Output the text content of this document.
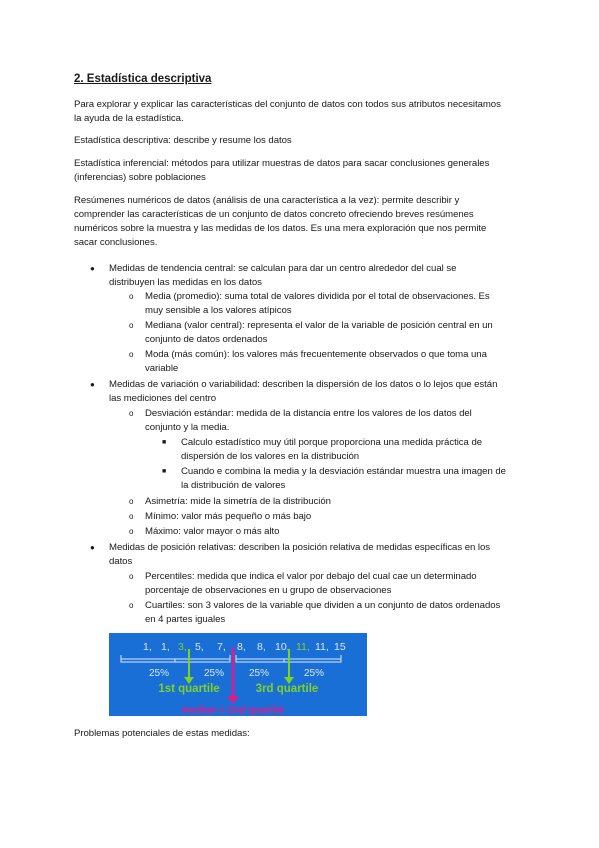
2. Estadística descriptiva
Para explorar y explicar las características del conjunto de datos con todos sus atributos necesitamos
la ayuda de la estadística.
Estadística descriptiva: describe y resume los datos
Estadística inferencial: métodos para utilizar muestras de datos para sacar conclusiones generales
(inferencias) sobre poblaciones
Resúmenes numéricos de datos (análisis de una característica a la vez): permite describir y
comprender las características de un conjunto de datos concreto ofreciendo breves resúmenes
numéricos sobre la muestra y las medidas de los datos. Es una mera exploración que nos permite
sacar conclusiones.
● Medidas de tendencia central: se calculan para dar un centro alrededor del cual se
distribuyen las medidas en los datos
o Media (promedio): suma total de valores dividida por el total de observaciones. Es
muy sensible a los valores atípicos
o Mediana (valor central): representa el valor de la variable de posición central en un
conjunto de datos ordenados
o Moda (más común): los valores más frecuentemente observados o que toma una
variable
● Medidas de variación o variabilidad: describen la dispersión de los datos o lo lejos que están
las mediciones del centro
o Desviación estándar: medida de la distancia entre los valores de los datos del
conjunto y la media.
■ Calculo estadístico muy útil porque proporciona una medida práctica de
dispersión de los valores en la distribución
■ Cuando e combina la media y la desviación estándar muestra una imagen de
la distribución de valores
o Asimetría: mide la simetría de la distribución
o Mínimo: valor más pequeño o más bajo
o Máximo: valor mayor o más alto
● Medidas de posición relativas: describen la posición relativa de medidas específicas en los
datos
o Percentiles: medida que indica el valor por debajo del cual cae un determinado
porcentaje de observaciones en u grupo de observaciones
o Cuartiles: son 3 valores de la variable que dividen a un conjunto de datos ordenados
en 4 partes iguales
1, 1, 3, 5, 7, 8, 8, 10, 11, 11, 15
25%	25% 25%	25%
1st quartile	3rd quartile
median = 2nd quartile
Problemas potenciales de estas medidas:
